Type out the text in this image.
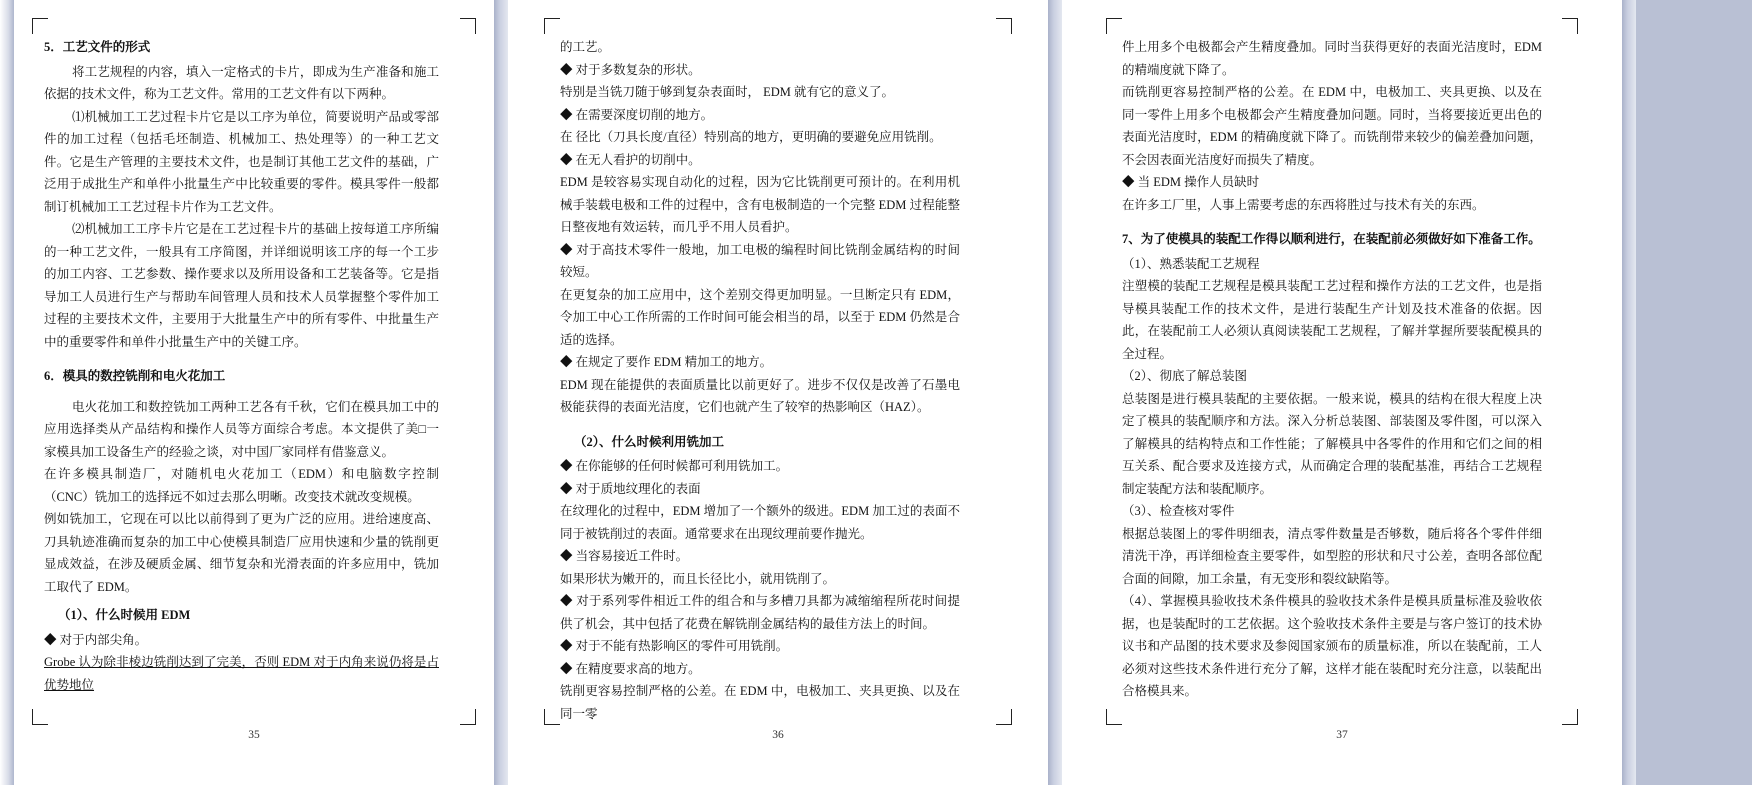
5．工艺文件的形式

将工艺规程的内容，填入一定格式的卡片，即成为生产准备和施工依据的技术文件，称为工艺文件。常用的工艺文件有以下两种。

⑴机械加工工艺过程卡片它是以工序为单位，简要说明产品或零部件的加工过程（包括毛坯制造、机械加工、热处理等）的一种工艺文件。它是生产管理的主要技术文件，也是制订其他工艺文件的基础，广泛用于成批生产和单件小批量生产中比较重要的零件。模具零件一般都制订机械加工工艺过程卡片作为工艺文件。

⑵机械加工工序卡片它是在工艺过程卡片的基础上按每道工序所编的一种工艺文件，一般具有工序简图，并详细说明该工序的每一个工步的加工内容、工艺参数、操作要求以及所用设备和工艺装备等。它是指导加工人员进行生产与帮助车间管理人员和技术人员掌握整个零件加工过程的主要技术文件，主要用于大批量生产中的所有零件、中批量生产中的重要零件和单件小批量生产中的关键工序。

6．模具的数控铣削和电火花加工

电火花加工和数控铣加工两种工艺各有千秋，它们在模具加工中的应用选择类从产品结构和操作人员等方面综合考虑。本文提供了美□一家模具加工设备生产的经验之谈，对中国厂家同样有借鉴意义。

在许多模具制造厂，对随机电火花加工（EDM）和电脑数字控制（CNC）铣加工的选择远不如过去那么明晰。改变技术就改变规模。

例如铣加工，它现在可以比以前得到了更为广泛的应用。进给速度高、刀具轨迹准确而复杂的加工中心使模具制造厂应用快速和少量的铣削更显成效益，在涉及硬质金属、细节复杂和光滑表面的许多应用中，铣加工取代了 EDM。

（1）、什么时候用 EDM

◆ 对于内部尖角。

Grobe 认为除非棱边铣削达到了完美，否则 EDM 对于内角来说仍将是占优势地位

35

的工艺。

◆ 对于多数复杂的形状。

特别是当铣刀随于够到复杂表面时， EDM 就有它的意义了。

◆ 在需要深度切削的地方。

在 径比（刀具长度/直径）特别高的地方，更明确的要避免应用铣削。

◆ 在无人看护的切削中。

EDM 是较容易实现自动化的过程，因为它比铣削更可预计的。在利用机械手装载电极和工件的过程中，含有电极制造的一个完整 EDM 过程能整日整夜地有效运转，而几乎不用人员看护。

◆ 对于高技术零件一般地，加工电极的编程时间比铣削金属结构的时间较短。

在更复杂的加工应用中，这个差别交得更加明显。一旦断定只有 EDM，令加工中心工作所需的工作时间可能会相当的昂，以至于 EDM 仍然是合适的选择。

◆ 在规定了要作 EDM 精加工的地方。

EDM 现在能提供的表面质量比以前更好了。进步不仅仅是改善了石墨电极能获得的表面光洁度，它们也就产生了较窄的热影响区（HAZ）。

（2）、什么时候利用铣加工

◆ 在你能够的任何时候都可利用铣加工。

◆ 对于质地纹理化的表面

在纹理化的过程中，EDM 增加了一个额外的级进。EDM 加工过的表面不同于被铣削过的表面。通常要求在出现纹理前要作抛光。

◆ 当容易接近工件时。

如果形状为嫩开的，而且长径比小，就用铣削了。

◆ 对于系列零件相近工件的组合和与多槽刀具都为减缩缩程所花时间提供了机会，其中包括了花费在解铣削金属结构的最佳方法上的时间。

◆ 对于不能有热影响区的零件可用铣削。

◆ 在精度要求高的地方。

铣削更容易控制严格的公差。在 EDM 中，电极加工、夹具更换、以及在同一零

36

件上用多个电极都会产生精度叠加。同时当获得更好的表面光洁度时，EDM 的精端度就下降了。

而铣削更容易控制严格的公差。在 EDM 中，电极加工、夹具更换、以及在同一零件上用多个电极都会产生精度叠加问题。同时，当将要接近更出色的表面光洁度时，EDM 的精确度就下降了。而铣削带来较少的偏差叠加问题，不会因表面光洁度好而损失了精度。

◆ 当 EDM 操作人员缺时

在许多工厂里，人事上需要考虑的东西将胜过与技术有关的东西。

7、为了使模具的装配工作得以顺利进行，在装配前必须做好如下准备工作。

（1）、熟悉装配工艺规程

注塑模的装配工艺规程是模具装配工艺过程和操作方法的工艺文件，也是指导模具装配工作的技术文件，是进行装配生产计划及技术准备的依据。因此，在装配前工人必须认真阅读装配工艺规程，了解并掌握所要装配模具的全过程。

（2）、彻底了解总装图

总装图是进行模具装配的主要依据。一般来说，模具的结构在很大程度上决定了模具的装配顺序和方法。深入分析总装图、部装图及零件图，可以深入了解模具的结构特点和工作性能；了解模具中各零件的作用和它们之间的相互关系、配合要求及连接方式，从而确定合理的装配基准，再结合工艺规程制定装配方法和装配顺序。

（3）、检查核对零件

根据总装图上的零件明细表，清点零件数量是否够数，随后将各个零件伴细清洗干净，再详细检查主要零件，如型腔的形状和尺寸公差，查明各部位配合面的间隙，加工余量，有无变形和裂纹缺陷等。

（4）、掌握模具验收技术条件模具的验收技术条件是模具质量标准及验收依据，也是装配时的工艺依据。这个验收技术条件主要是与客户签订的技术协议书和产品图的技术要求及参阅国家颁布的质量标准，所以在装配前，工人必须对这些技术条件进行充分了解，这样才能在装配时充分注意，以装配出合格模具来。

37
